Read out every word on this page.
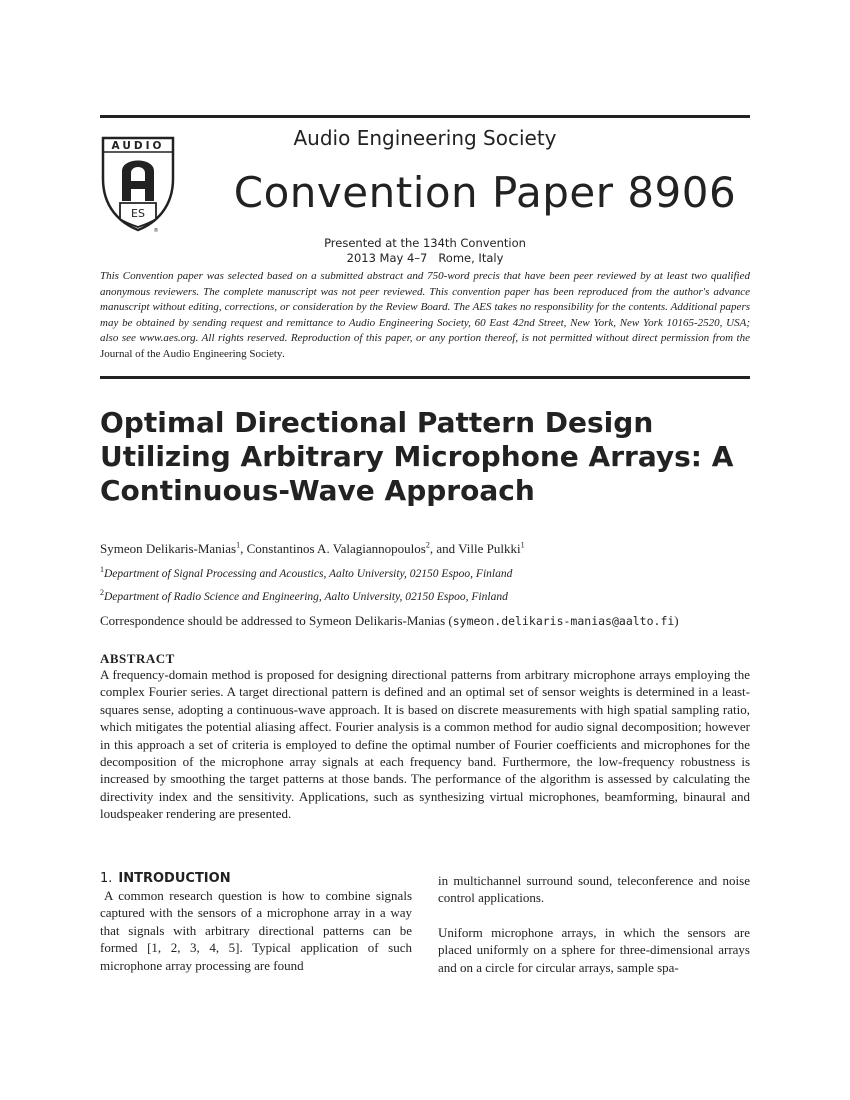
AUDIO
ES
®
Audio Engineering Society
Convention Paper 8906
Presented at the 134th Convention
2013 May 4–7   Rome, Italy

This Convention paper was selected based on a submitted abstract and 750-word precis that have been peer reviewed by at least two qualified anonymous reviewers. The complete manuscript was not peer reviewed. This convention paper has been reproduced from the author's advance manuscript without editing, corrections, or consideration by the Review Board. The AES takes no responsibility for the contents. Additional papers may be obtained by sending request and remittance to Audio Engineering Society, 60 East 42nd Street, New York, New York 10165-2520, USA; also see www.aes.org. All rights reserved. Reproduction of this paper, or any portion thereof, is not permitted without direct permission from the Journal of the Audio Engineering Society.

Optimal Directional Pattern Design Utilizing Arbitrary Microphone Arrays: A Continuous-Wave Approach

Symeon Delikaris-Manias$^1$, Constantinos A. Valagiannopoulos$^2$, and Ville Pulkki$^1$

$^1$Department of Signal Processing and Acoustics, Aalto University, 02150 Espoo, Finland

$^2$Department of Radio Science and Engineering, Aalto University, 02150 Espoo, Finland

Correspondence should be addressed to Symeon Delikaris-Manias (symeon.delikaris-manias@aalto.fi)

ABSTRACT

A frequency-domain method is proposed for designing directional patterns from arbitrary microphone arrays employing the complex Fourier series. A target directional pattern is defined and an optimal set of sensor weights is determined in a least-squares sense, adopting a continuous-wave approach. It is based on discrete measurements with high spatial sampling ratio, which mitigates the potential aliasing affect. Fourier analysis is a common method for audio signal decomposition; however in this approach a set of criteria is employed to define the optimal number of Fourier coefficients and microphones for the decomposition of the microphone array signals at each frequency band. Furthermore, the low-frequency robustness is increased by smoothing the target patterns at those bands. The performance of the algorithm is assessed by calculating the directivity index and the sensitivity. Applications, such as synthesizing virtual microphones, beamforming, binaural and loudspeaker rendering are presented.

1. INTRODUCTION

A common research question is how to combine signals captured with the sensors of a microphone array in a way that signals with arbitrary directional patterns can be formed [1, 2, 3, 4, 5]. Typical application of such microphone array processing are found

in multichannel surround sound, teleconference and noise control applications.

Uniform microphone arrays, in which the sensors are placed uniformly on a sphere for three-dimensional arrays and on a circle for circular arrays, sample spa-
